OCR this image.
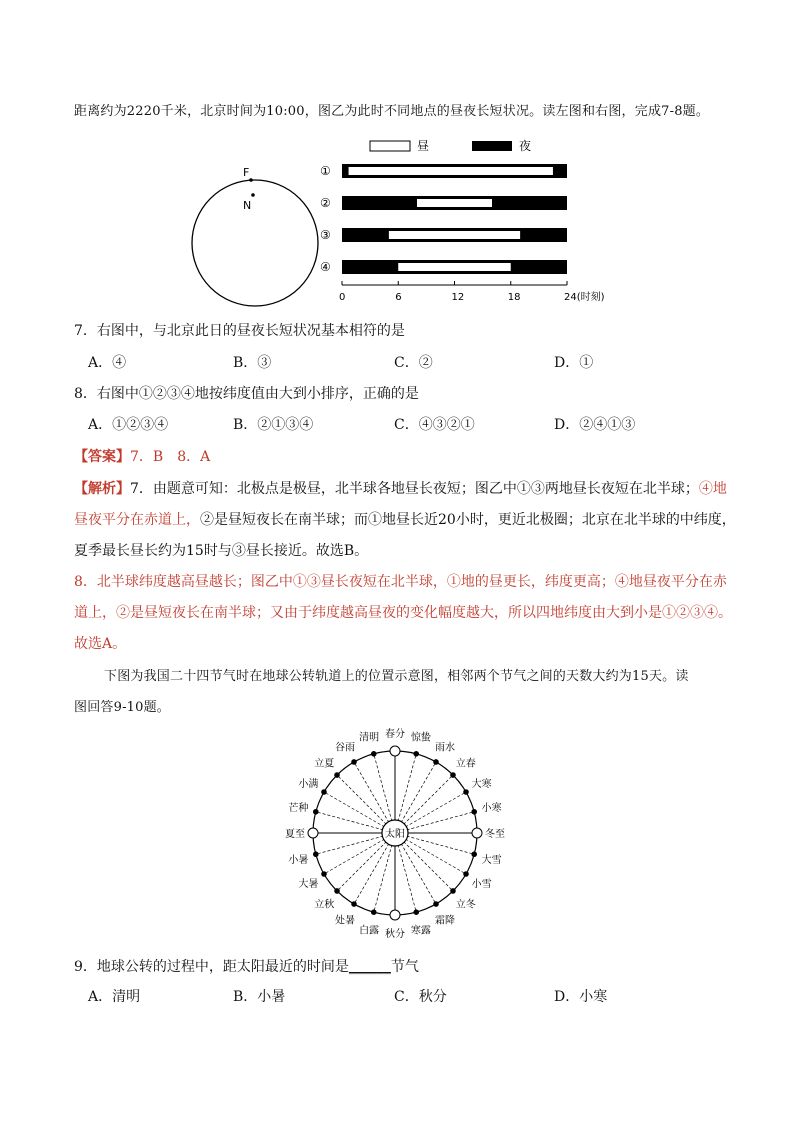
距离约为2220千米，北京时间为10:00，图乙为此时不同地点的昼夜长短状况。读左图和右图，完成7-8题。
F
N
昼	夜
①
②
③
④
0	6	12	18	24(时刻)
7．右图中，与北京此日的昼夜长短状况基本相符的是
A．④	B．③	C．②	D．①
8．右图中①②③④地按纬度值由大到小排序，正确的是
A．①②③④	B．②①③④	C．④③②①	D．②④①③
【答案】7．B　8．A
【解析】7．由题意可知：北极点是极昼，北半球各地昼长夜短；图乙中①③两地昼长夜短在北半球；④地
昼夜平分在赤道上，②是昼短夜长在南半球；而①地昼长近20小时，更近北极圈；北京在北半球的中纬度，
夏季最长昼长约为15时与③昼长接近。故选B。
8．北半球纬度越高昼越长；图乙中①③昼长夜短在北半球，①地的昼更长，纬度更高；④地昼夜平分在赤
道上，②是昼短夜长在南半球；又由于纬度越高昼夜的变化幅度越大，所以四地纬度由大到小是①②③④。
故选A。
下图为我国二十四节气时在地球公转轨道上的位置示意图，相邻两个节气之间的天数大约为15天。读
图回答9-10题。
春分
清明
谷雨
立夏
小满
芒种
夏至
小暑
大暑
立秋
处暑
白露 秋分 寒露
霜降
立冬
小雪
大雪
冬至
小寒
大寒
立春
雨水
惊蛰
太阳
9．地球公转的过程中，距太阳最近的时间是______节气
A．清明	B．小暑	C．秋分	D．小寒
